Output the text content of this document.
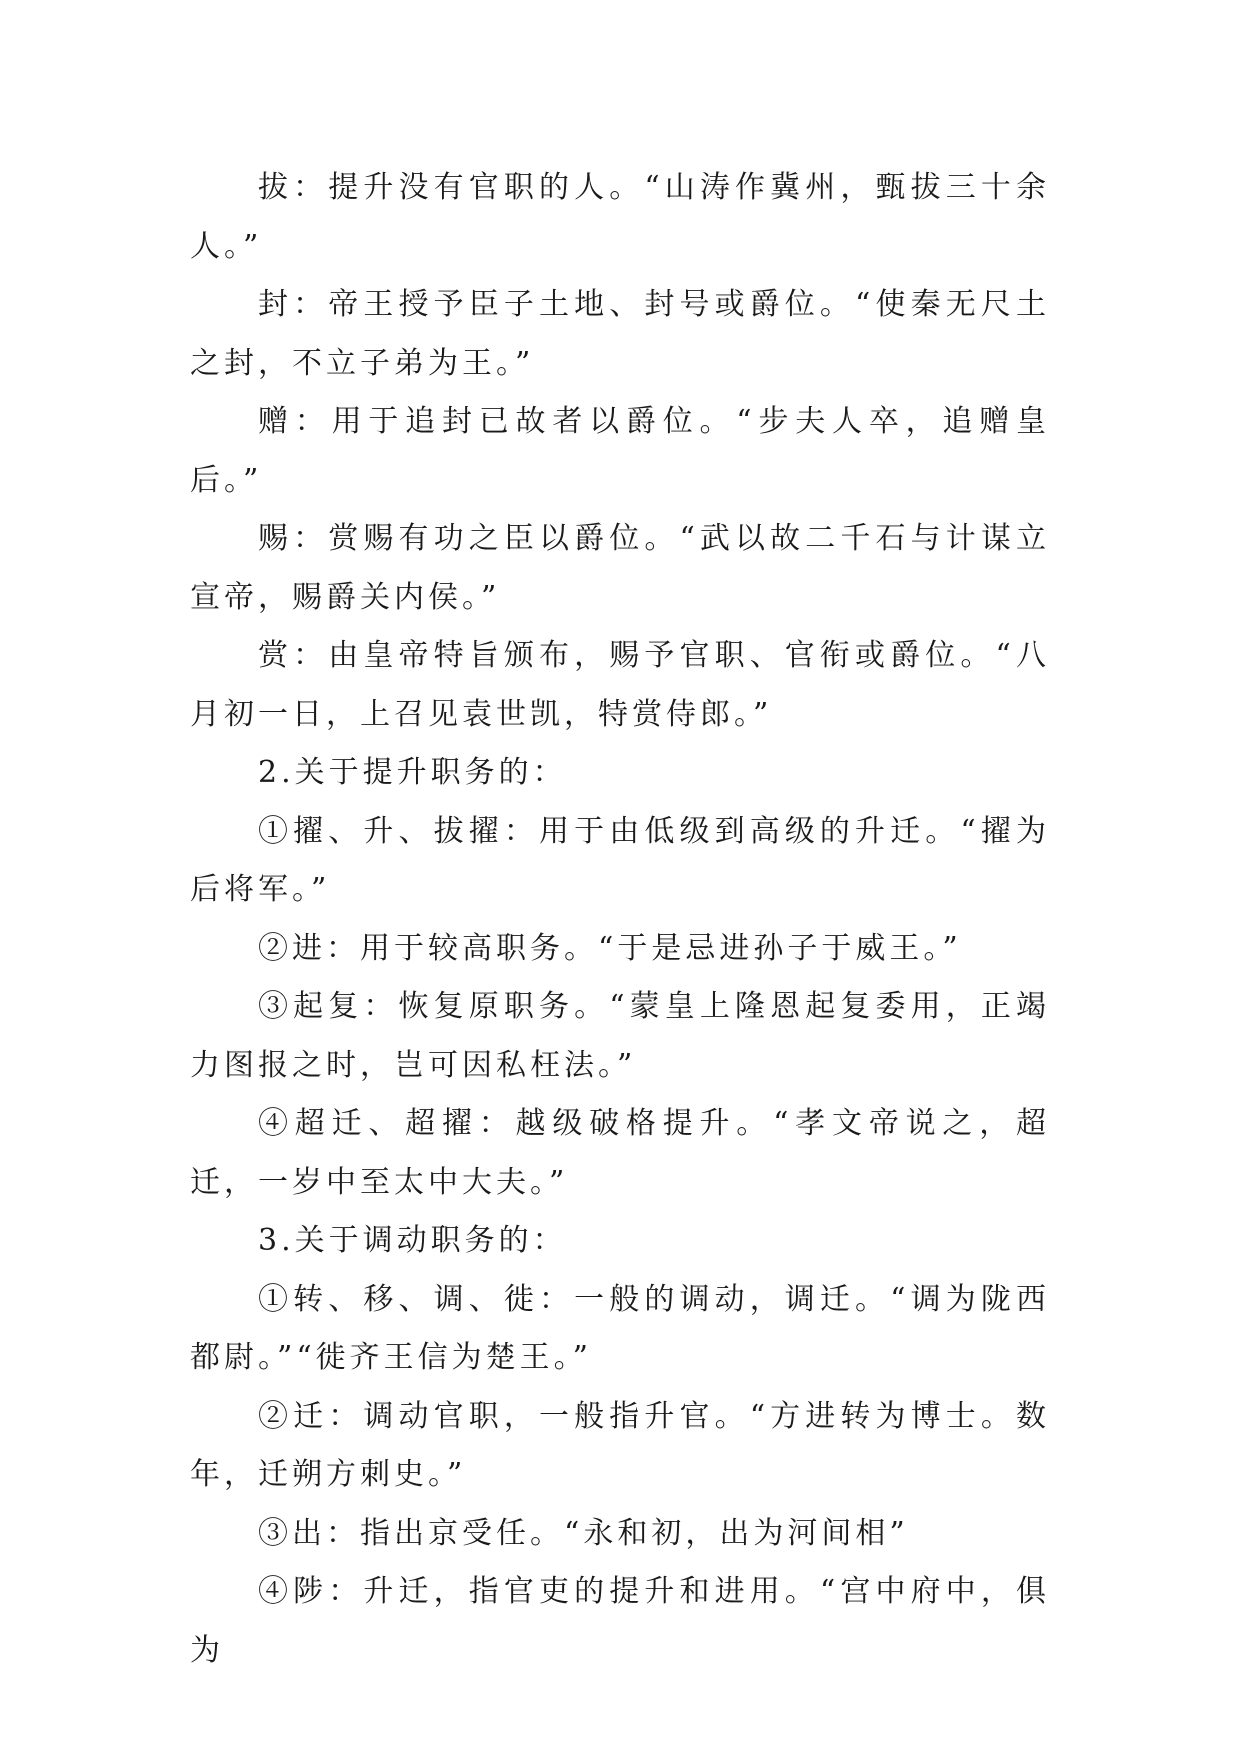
拔：提升没有官职的人。“山涛作冀州，甄拔三十余人。”

封：帝王授予臣子土地、封号或爵位。“使秦无尺土之封，不立子弟为王。”

赠：用于追封已故者以爵位。“步夫人卒，追赠皇后。”

赐：赏赐有功之臣以爵位。“武以故二千石与计谋立宣帝，赐爵关内侯。”

赏：由皇帝特旨颁布，赐予官职、官衔或爵位。“八月初一日，上召见袁世凯，特赏侍郎。”

2.关于提升职务的：

①擢、升、拔擢：用于由低级到高级的升迁。“擢为后将军。”

②进：用于较高职务。“于是忌进孙子于威王。”

③起复：恢复原职务。“蒙皇上隆恩起复委用，正竭力图报之时，岂可因私枉法。”

④超迁、超擢：越级破格提升。“孝文帝说之，超迁，一岁中至太中大夫。”

3.关于调动职务的：

①转、移、调、徙：一般的调动，调迁。“调为陇西都尉。”“徙齐王信为楚王。”

②迁：调动官职，一般指升官。“方进转为博士。数年，迁朔方刺史。”

③出：指出京受任。“永和初，出为河间相”

④陟：升迁，指官吏的提升和进用。“宫中府中，俱为
